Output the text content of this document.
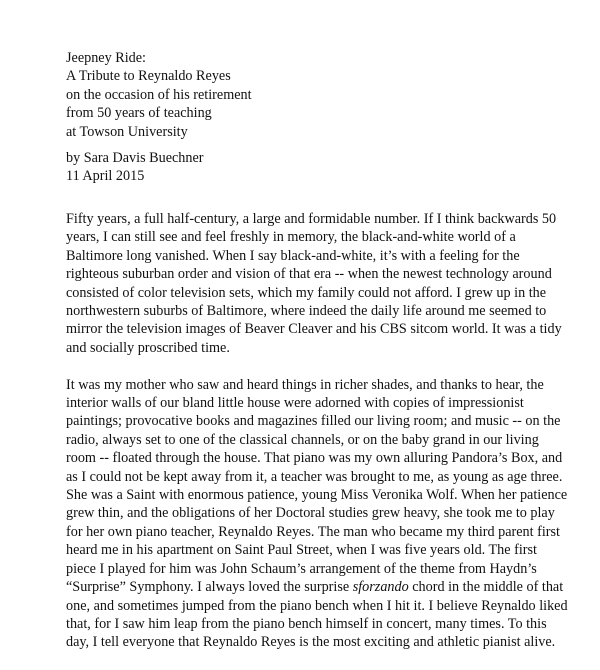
Jeepney Ride:
A Tribute to Reynaldo Reyes
on the occasion of his retirement
from 50 years of teaching
at Towson University
by Sara Davis Buechner
11 April 2015
Fifty years, a full half-century, a large and formidable number. If I think backwards 50
years, I can still see and feel freshly in memory, the black-and-white world of a
Baltimore long vanished. When I say black-and-white, it’s with a feeling for the
righteous suburban order and vision of that era -- when the newest technology around
consisted of color television sets, which my family could not afford. I grew up in the
northwestern suburbs of Baltimore, where indeed the daily life around me seemed to
mirror the television images of Beaver Cleaver and his CBS sitcom world. It was a tidy
and socially proscribed time.
It was my mother who saw and heard things in richer shades, and thanks to hear, the
interior walls of our bland little house were adorned with copies of impressionist
paintings; provocative books and magazines filled our living room; and music -- on the
radio, always set to one of the classical channels, or on the baby grand in our living
room -- floated through the house. That piano was my own alluring Pandora’s Box, and
as I could not be kept away from it, a teacher was brought to me, as young as age three.
She was a Saint with enormous patience, young Miss Veronika Wolf. When her patience
grew thin, and the obligations of her Doctoral studies grew heavy, she took me to play
for her own piano teacher, Reynaldo Reyes. The man who became my third parent first
heard me in his apartment on Saint Paul Street, when I was five years old. The first
piece I played for him was John Schaum’s arrangement of the theme from Haydn’s
“Surprise” Symphony. I always loved the surprise sforzando chord in the middle of that
one, and sometimes jumped from the piano bench when I hit it. I believe Reynaldo liked
that, for I saw him leap from the piano bench himself in concert, many times. To this
day, I tell everyone that Reynaldo Reyes is the most exciting and athletic pianist alive.
